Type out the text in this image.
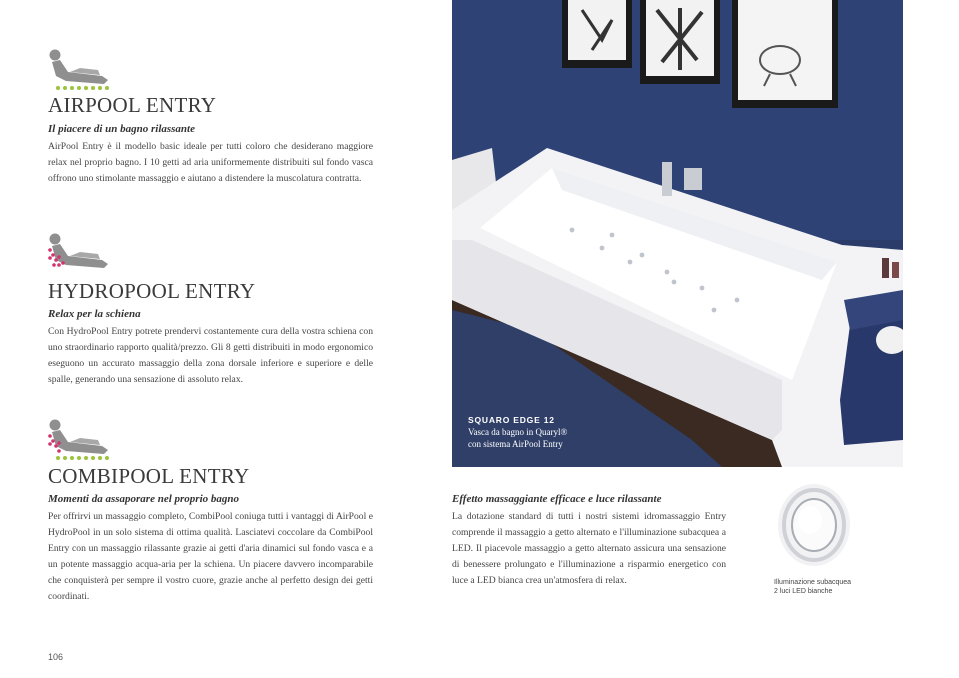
AIRPOOL ENTRY
Il piacere di un bagno rilassante
AirPool Entry è il modello basic ideale per tutti coloro che desiderano maggiore relax nel proprio bagno. I 10 getti ad aria uniformemente distribuiti sul fondo vasca offrono uno stimolante massaggio e aiutano a distendere la muscolatura contratta.
HYDROPOOL ENTRY
Relax per la schiena
Con HydroPool Entry potrete prendervi costantemente cura della vostra schiena con uno straordinario rapporto qualità/prezzo. Gli 8 getti distribuiti in modo ergonomico eseguono un accurato massaggio della zona dorsale inferiore e superiore e delle spalle, generando una sensazione di assoluto relax.
COMBIPOOL ENTRY
Momenti da assaporare nel proprio bagno
Per offrirvi un massaggio completo, CombiPool coniuga tutti i vantaggi di AirPool e HydroPool in un solo sistema di ottima qualità. Lasciatevi coccolare da CombiPool Entry con un massaggio rilassante grazie ai getti d'aria dinamici sul fondo vasca e a un potente massaggio acqua-aria per la schiena. Un piacere davvero incomparabile che conquisterà per sempre il vostro cuore, grazie anche al perfetto design dei getti coordinati.
SQUARO EDGE 12
Vasca da bagno in Quaryl®
con sistema AirPool Entry
Effetto massaggiante efficace e luce rilassante
La dotazione standard di tutti i nostri sistemi idromassaggio Entry comprende il massaggio a getto alternato e l'illuminazione subacquea a LED. Il piacevole massaggio a getto alternato assicura una sensazione di benessere prolungato e l'illuminazione a risparmio energetico con luce a LED bianca crea un'atmosfera di relax.	Illuminazione subacquea
2 luci LED bianche
106
